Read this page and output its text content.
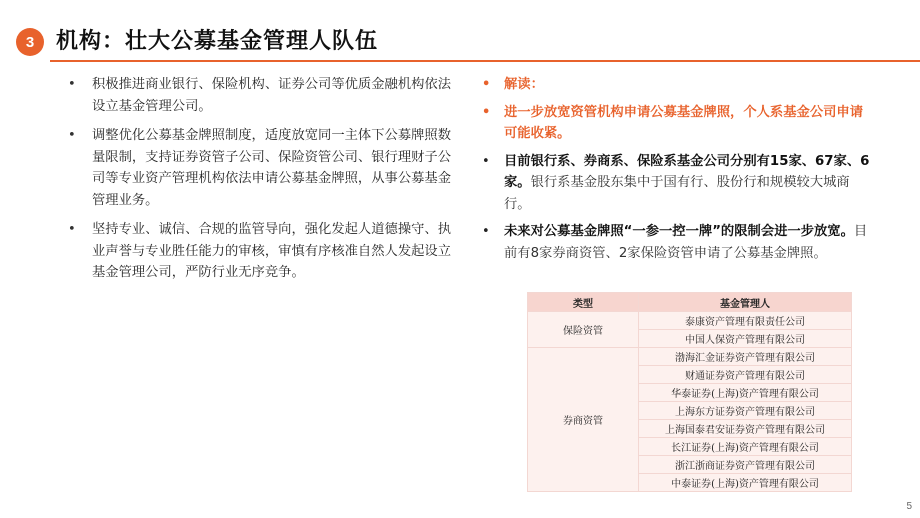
3 机构：壮大公募基金管理人队伍
• 积极推进商业银行、保险机构、证券公司等优质金融机构依法设立基金管理公司。
• 调整优化公募基金牌照制度，适度放宽同一主体下公募牌照数量限制，支持证券资管子公司、保险资管公司、银行理财子公司等专业资产管理机构依法申请公募基金牌照，从事公募基金管理业务。
• 坚持专业、诚信、合规的监管导向，强化发起人道德操守、执业声誉与专业胜任能力的审核，审慎有序核准自然人发起设立基金管理公司，严防行业无序竞争。
• 解读：
• 进一步放宽资管机构申请公募基金牌照，个人系基金公司申请可能收紧。
• 目前银行系、券商系、保险系基金公司分别有15家、67家、6家。银行系基金股东集中于国有行、股份行和规模较大城商行。
• 未来对公募基金牌照“一参一控一牌”的限制会进一步放宽。目前有8家券商资管、2家保险资管申请了公募基金牌照。
类型	基金管理人
保险资管	泰康资产管理有限责任公司
	中国人保资产管理有限公司
券商资管	渤海汇金证券资产管理有限公司
	财通证券资产管理有限公司
	华泰证券(上海)资产管理有限公司
	上海东方证券资产管理有限公司
	上海国泰君安证券资产管理有限公司
	长江证券(上海)资产管理有限公司
	浙江浙商证券资产管理有限公司
	中泰证券(上海)资产管理有限公司
5
